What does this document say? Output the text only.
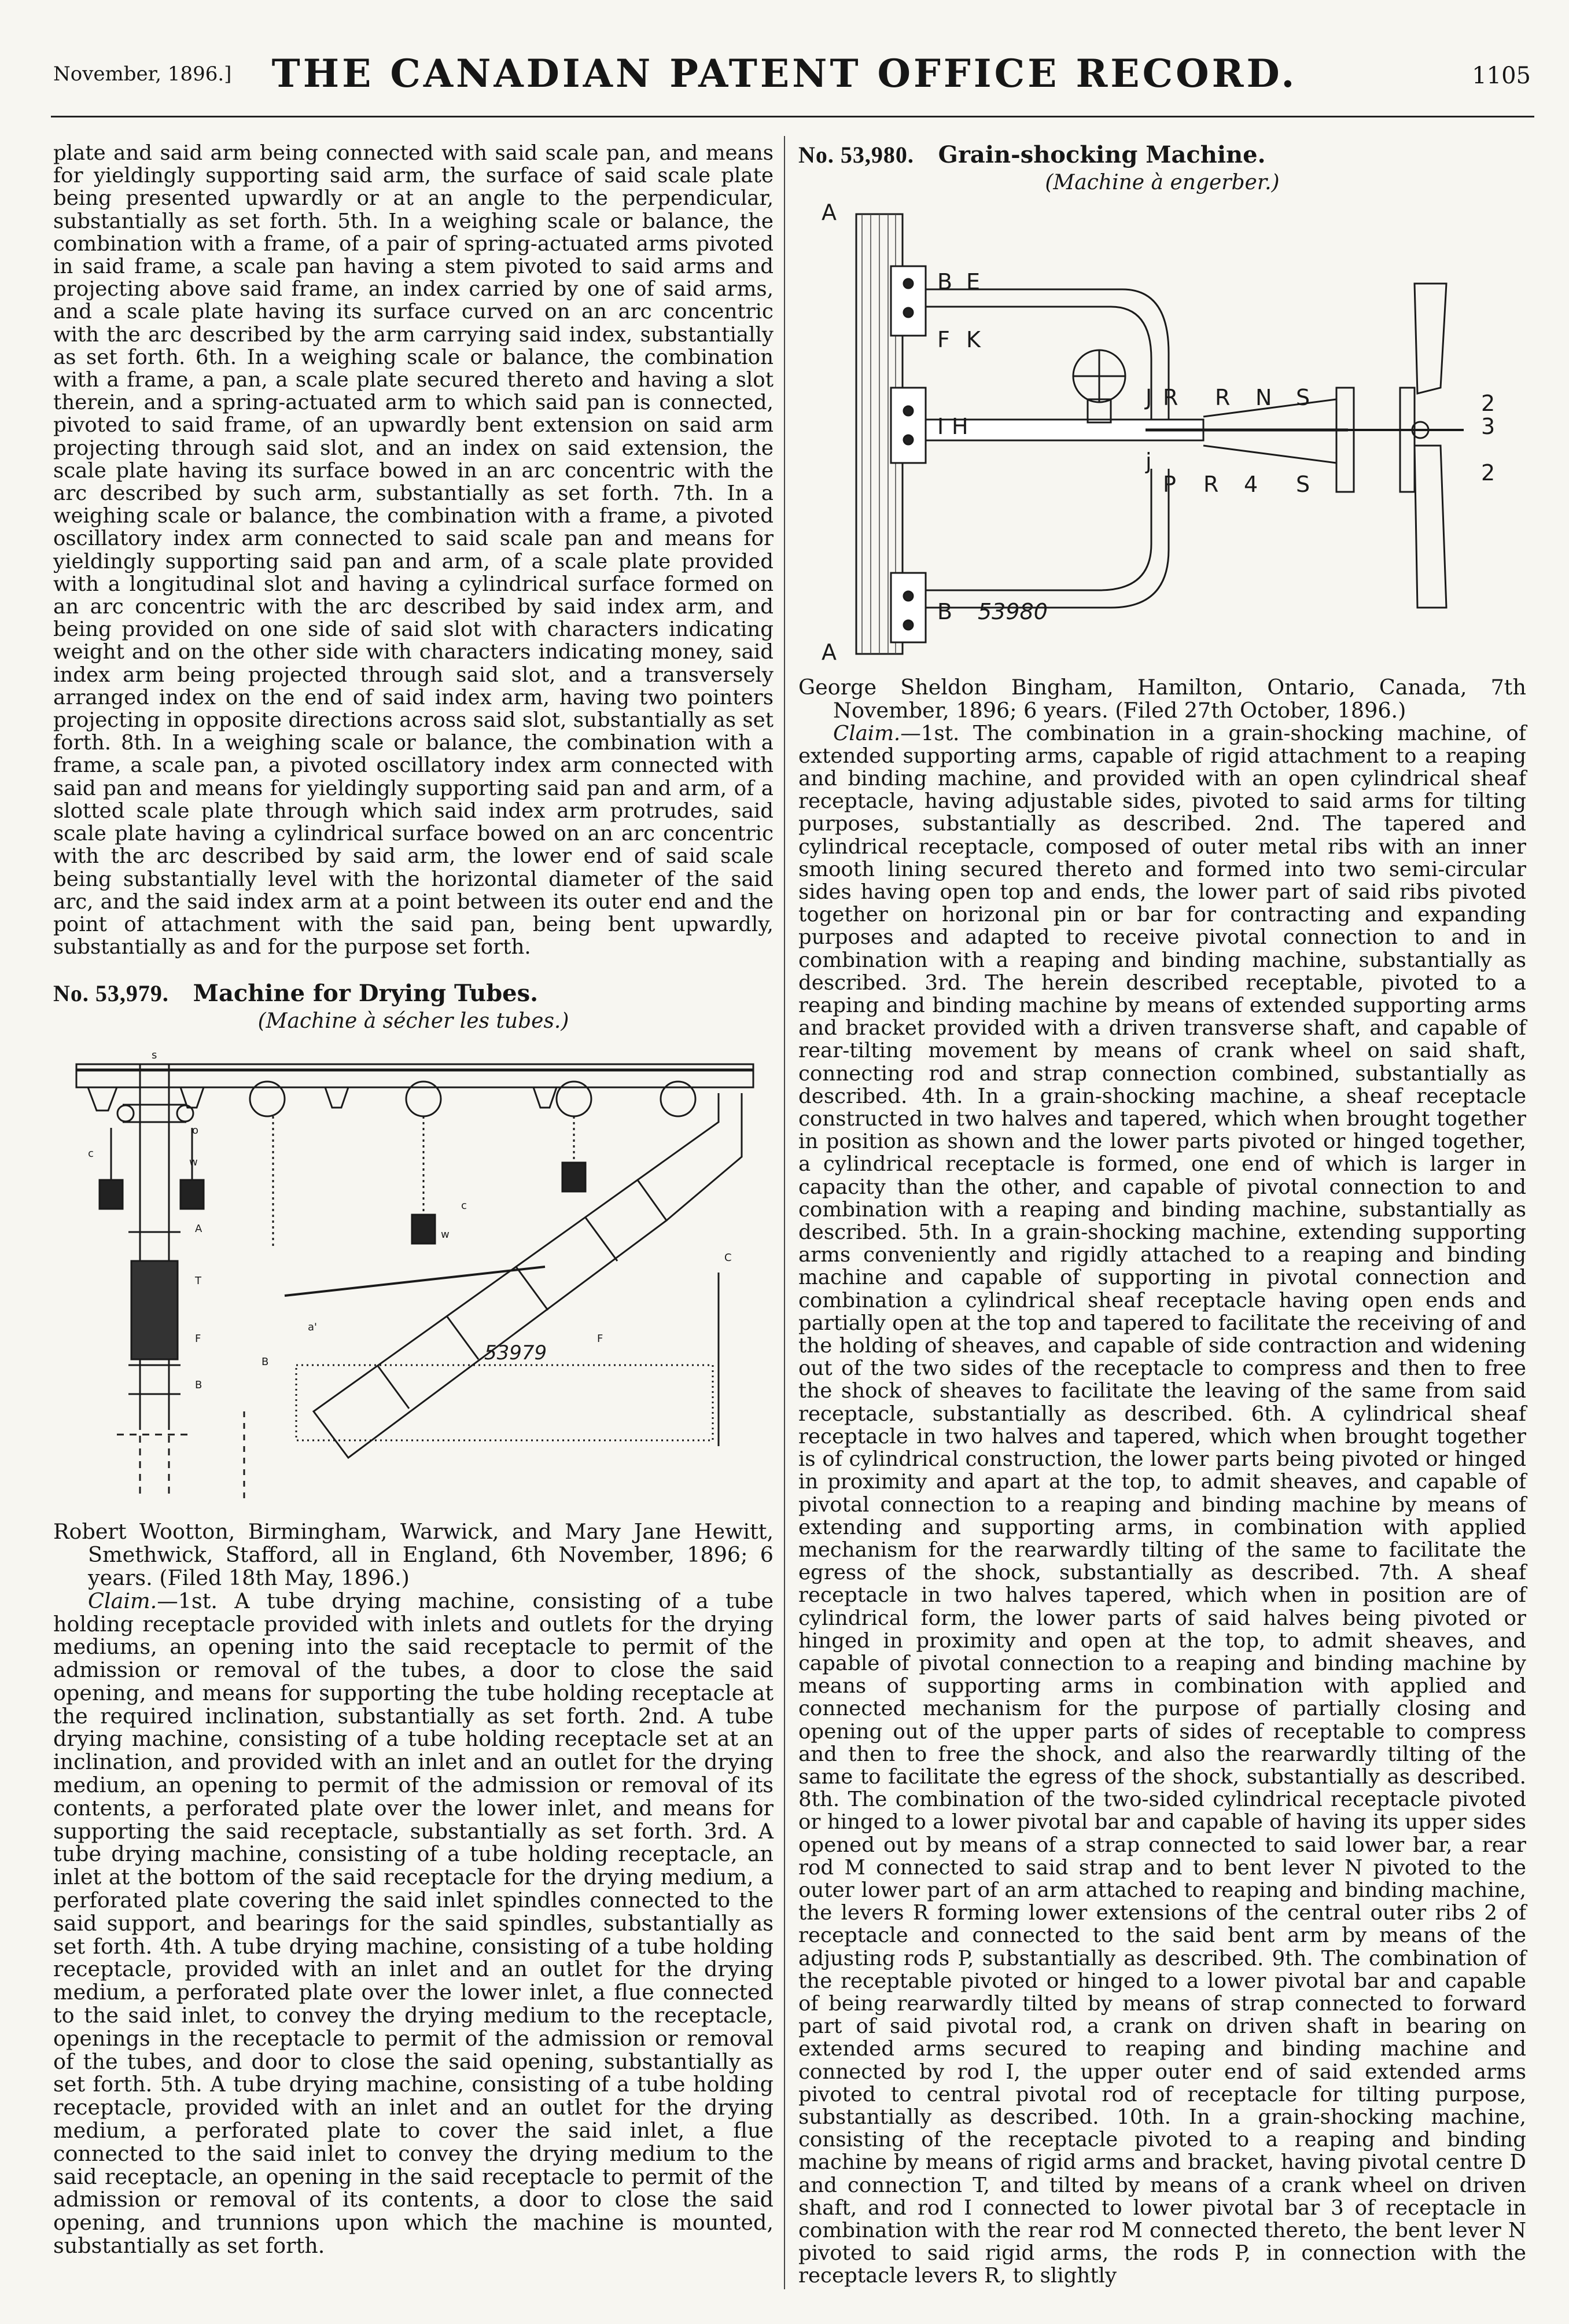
November, 1896.]	THE CANADIAN PATENT OFFICE RECORD.	1105

plate and said arm being connected with said scale pan, and means for yieldingly supporting said arm, the surface of said scale plate being presented upwardly or at an angle to the perpendicular, substantially as set forth. 5th. In a weighing scale or balance, the combination with a frame, of a pair of spring-actuated arms pivoted in said frame, a scale pan having a stem pivoted to said arms and projecting above said frame, an index carried by one of said arms, and a scale plate having its surface curved on an arc concentric with the arc described by the arm carrying said index, substantially as set forth. 6th. In a weighing scale or balance, the combination with a frame, a pan, a scale plate secured thereto and having a slot therein, and a spring-actuated arm to which said pan is connected, pivoted to said frame, of an upwardly bent extension on said arm projecting through said slot, and an index on said extension, the scale plate having its surface bowed in an arc concentric with the arc described by such arm, substantially as set forth. 7th. In a weighing scale or balance, the combination with a frame, a pivoted oscillatory index arm connected to said scale pan and means for yieldingly supporting said pan and arm, of a scale plate provided with a longitudinal slot and having a cylindrical surface formed on an arc concentric with the arc described by said index arm, and being provided on one side of said slot with characters indicating weight and on the other side with characters indicating money, said index arm being projected through said slot, and a transversely arranged index on the end of said index arm, having two pointers projecting in opposite directions across said slot, substantially as set forth. 8th. In a weighing scale or balance, the combination with a frame, a scale pan, a pivoted oscillatory index arm connected with said pan and means for yieldingly supporting said pan and arm, of a slotted scale plate through which said index arm protrudes, said scale plate having a cylindrical surface bowed on an arc concentric with the arc described by said arm, the lower end of said scale being substantially level with the horizontal diameter of the said arc, and the said index arm at a point between its outer end and the point of attachment with the said pan, being bent upwardly, substantially as and for the purpose set forth.

No. 53,979. Machine for Drying Tubes.
(Machine à sécher les tubes.)
s
c
o
w
A
T
F
B
c
w
a'
C
F
B	53979

Robert Wootton, Birmingham, Warwick, and Mary Jane Hewitt, Smethwick, Stafford, all in England, 6th November, 1896; 6 years. (Filed 18th May, 1896.)

Claim.—1st. A tube drying machine, consisting of a tube holding receptacle provided with inlets and outlets for the drying mediums, an opening into the said receptacle to permit of the admission or removal of the tubes, a door to close the said opening, and means for supporting the tube holding receptacle at the required inclination, substantially as set forth. 2nd. A tube drying machine, consisting of a tube holding receptacle set at an inclination, and provided with an inlet and an outlet for the drying medium, an opening to permit of the admission or removal of its contents, a perforated plate over the lower inlet, and means for supporting the said receptacle, substantially as set forth. 3rd. A tube drying machine, consisting of a tube holding receptacle, an inlet at the bottom of the said receptacle for the drying medium, a perforated plate covering the said inlet spindles connected to the said support, and bearings for the said spindles, substantially as set forth. 4th. A tube drying machine, consisting of a tube holding receptacle, provided with an inlet and an outlet for the drying medium, a perforated plate over the lower inlet, a flue connected to the said inlet, to convey the drying medium to the receptacle, openings in the receptacle to permit of the admission or removal of the tubes, and door to close the said opening, substantially as set forth. 5th. A tube drying machine, consisting of a tube holding receptacle, provided with an inlet and an outlet for the drying medium, a perforated plate to cover the said inlet, a flue connected to the said inlet to convey the drying medium to the said receptacle, an opening in the said receptacle to permit of the admission or removal of its contents, a door to close the said opening, and trunnions upon which the machine is mounted, substantially as set forth.

No. 53,980. Grain-shocking Machine.
(Machine à engerber.)
A
A
B E
F K
J R R N S
I H
j
P R 4 S
B
2
3
2
53980

George Sheldon Bingham, Hamilton, Ontario, Canada, 7th November, 1896; 6 years. (Filed 27th October, 1896.)

Claim.—1st. The combination in a grain-shocking machine, of extended supporting arms, capable of rigid attachment to a reaping and binding machine, and provided with an open cylindrical sheaf receptacle, having adjustable sides, pivoted to said arms for tilting purposes, substantially as described. 2nd. The tapered and cylindrical receptacle, composed of outer metal ribs with an inner smooth lining secured thereto and formed into two semi-circular sides having open top and ends, the lower part of said ribs pivoted together on horizonal pin or bar for contracting and expanding purposes and adapted to receive pivotal connection to and in combination with a reaping and binding machine, substantially as described. 3rd. The herein described receptable, pivoted to a reaping and binding machine by means of extended supporting arms and bracket provided with a driven transverse shaft, and capable of rear-tilting movement by means of crank wheel on said shaft, connecting rod and strap connection combined, substantially as described. 4th. In a grain-shocking machine, a sheaf receptacle constructed in two halves and tapered, which when brought together in position as shown and the lower parts pivoted or hinged together, a cylindrical receptacle is formed, one end of which is larger in capacity than the other, and capable of pivotal connection to and combination with a reaping and binding machine, substantially as described. 5th. In a grain-shocking machine, extending supporting arms conveniently and rigidly attached to a reaping and binding machine and capable of supporting in pivotal connection and combination a cylindrical sheaf receptacle having open ends and partially open at the top and tapered to facilitate the receiving of and the holding of sheaves, and capable of side contraction and widening out of the two sides of the receptacle to compress and then to free the shock of sheaves to facilitate the leaving of the same from said receptacle, substantially as described. 6th. A cylindrical sheaf receptacle in two halves and tapered, which when brought together is of cylindrical construction, the lower parts being pivoted or hinged in proximity and apart at the top, to admit sheaves, and capable of pivotal connection to a reaping and binding machine by means of extending and supporting arms, in combination with applied mechanism for the rearwardly tilting of the same to facilitate the egress of the shock, substantially as described. 7th. A sheaf receptacle in two halves tapered, which when in position are of cylindrical form, the lower parts of said halves being pivoted or hinged in proximity and open at the top, to admit sheaves, and capable of pivotal connection to a reaping and binding machine by means of supporting arms in combination with applied and connected mechanism for the purpose of partially closing and opening out of the upper parts of sides of receptable to compress and then to free the shock, and also the rearwardly tilting of the same to facilitate the egress of the shock, substantially as described. 8th. The combination of the two-sided cylindrical receptacle pivoted or hinged to a lower pivotal bar and capable of having its upper sides opened out by means of a strap connected to said lower bar, a rear rod M connected to said strap and to bent lever N pivoted to the outer lower part of an arm attached to reaping and binding machine, the levers R forming lower extensions of the central outer ribs 2 of receptacle and connected to the said bent arm by means of the adjusting rods P, substantially as described. 9th. The combination of the receptable pivoted or hinged to a lower pivotal bar and capable of being rearwardly tilted by means of strap connected to forward part of said pivotal rod, a crank on driven shaft in bearing on extended arms secured to reaping and binding machine and connected by rod I, the upper outer end of said extended arms pivoted to central pivotal rod of receptacle for tilting purpose, substantially as described. 10th. In a grain-shocking machine, consisting of the receptacle pivoted to a reaping and binding machine by means of rigid arms and bracket, having pivotal centre D and connection T, and tilted by means of a crank wheel on driven shaft, and rod I connected to lower pivotal bar 3 of receptacle in combination with the rear rod M connected thereto, the bent lever N pivoted to said rigid arms, the rods P, in connection with the receptacle levers R, to slightly
